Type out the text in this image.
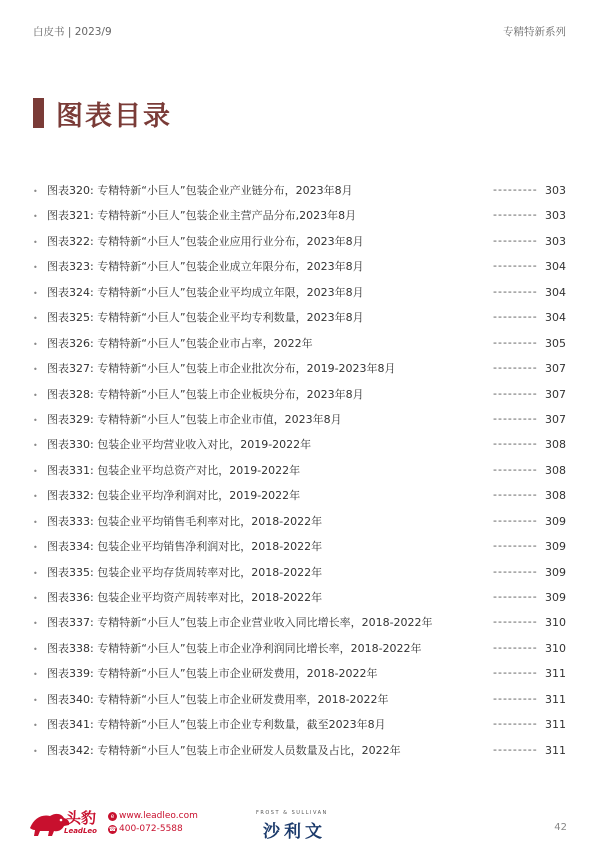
白皮书 | 2023/9	专精特新系列
图表目录
• 图表320: 专精特新“小巨人”包装企业产业链分布，2023年8月	--------- 303
• 图表321: 专精特新“小巨人”包装企业主营产品分布,2023年8月	--------- 303
• 图表322: 专精特新“小巨人”包装企业应用行业分布，2023年8月	--------- 303
• 图表323: 专精特新“小巨人”包装企业成立年限分布，2023年8月	--------- 304
• 图表324: 专精特新“小巨人”包装企业平均成立年限，2023年8月	--------- 304
• 图表325: 专精特新“小巨人”包装企业平均专利数量，2023年8月	--------- 304
• 图表326: 专精特新“小巨人”包装企业市占率，2022年	--------- 305
• 图表327: 专精特新“小巨人”包装上市企业批次分布，2019-2023年8月	--------- 307
• 图表328: 专精特新“小巨人”包装上市企业板块分布，2023年8月	--------- 307
• 图表329: 专精特新“小巨人”包装上市企业市值，2023年8月	--------- 307
• 图表330: 包装企业平均营业收入对比，2019-2022年	--------- 308
• 图表331: 包装企业平均总资产对比，2019-2022年	--------- 308
• 图表332: 包装企业平均净利润对比，2019-2022年	--------- 308
• 图表333: 包装企业平均销售毛利率对比，2018-2022年	--------- 309
• 图表334: 包装企业平均销售净利润对比，2018-2022年	--------- 309
• 图表335: 包装企业平均存货周转率对比，2018-2022年	--------- 309
• 图表336: 包装企业平均资产周转率对比，2018-2022年	--------- 309
• 图表337: 专精特新“小巨人”包装上市企业营业收入同比增长率，2018-2022年	--------- 310
• 图表338: 专精特新“小巨人”包装上市企业净利润同比增长率，2018-2022年	--------- 310
• 图表339: 专精特新“小巨人”包装上市企业研发费用，2018-2022年	--------- 311
• 图表340: 专精特新“小巨人”包装上市企业研发费用率，2018-2022年	--------- 311
• 图表341: 专精特新“小巨人”包装上市企业专利数量，截至2023年8月	--------- 311
• 图表342: 专精特新“小巨人”包装上市企业研发人员数量及占比，2022年	--------- 311
头豹
LeadLeo
e www.leadleo.com
☎ 400-072-5588
FROST & SULLIVAN
沙利文	42
